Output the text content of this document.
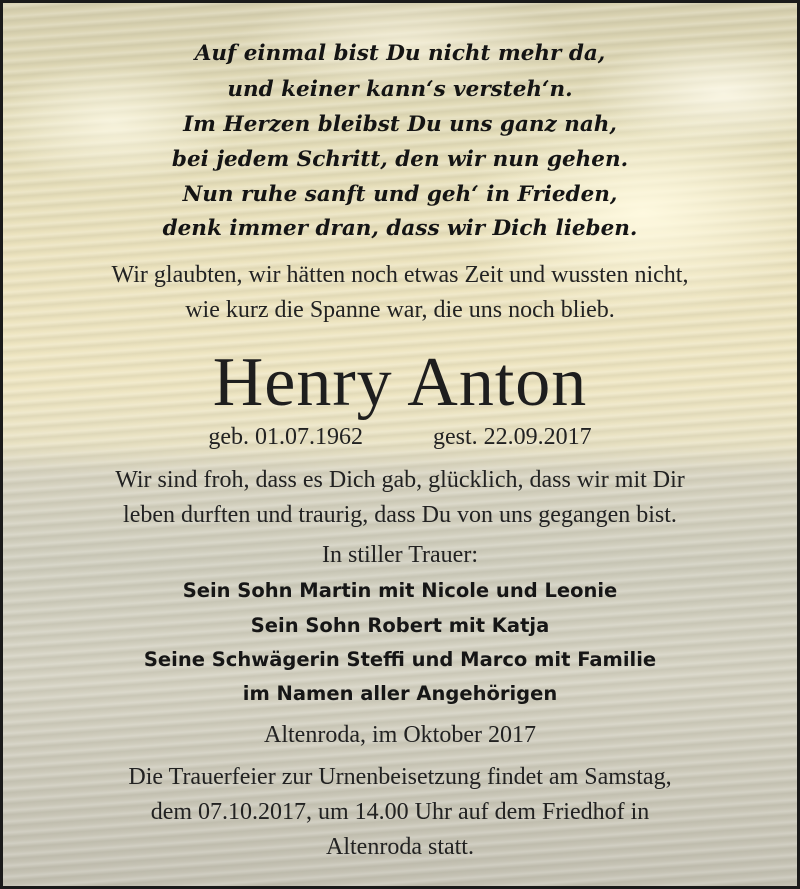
Auf einmal bist Du nicht mehr da,
und keiner kann‘s versteh‘n.
Im Herzen bleibst Du uns ganz nah,
bei jedem Schritt, den wir nun gehen.
Nun ruhe sanft und geh‘ in Frieden,
denk immer dran, dass wir Dich lieben.
Wir glaubten, wir hätten noch etwas Zeit und wussten nicht,
wie kurz die Spanne war, die uns noch blieb.
Henry Anton
geb. 01.07.1962	gest. 22.09.2017
Wir sind froh, dass es Dich gab, glücklich, dass wir mit Dir
leben durften und traurig, dass Du von uns gegangen bist.
In stiller Trauer:
Sein Sohn Martin mit Nicole und Leonie
Sein Sohn Robert mit Katja
Seine Schwägerin Steffi und Marco mit Familie
im Namen aller Angehörigen
Altenroda, im Oktober 2017
Die Trauerfeier zur Urnenbeisetzung findet am Samstag,
dem 07.10.2017, um 14.00 Uhr auf dem Friedhof in
Altenroda statt.
